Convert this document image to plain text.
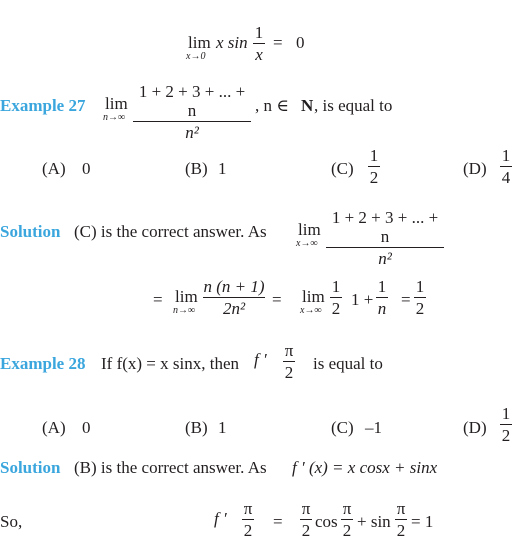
lim
x→0
x sin
1
x
= 0
Example 27 lim
n→∞
1 + 2 + 3 + ... + n
n²
, n ∈ N , is equal to
(A) 0	(B) 1	(C)
1
2	(D)
1
4
Solution (C) is the correct answer. As lim
x→∞
1 + 2 + 3 + ... + n
n²
= lim
n→∞
n (n + 1)
2n²	= lim
x→∞
1
2 1 +
1
n =
1
2
Example 28 If f(x) = x sinx, then f ′ π
2 is equal to
(A) 0	(B) 1	(C) –1	(D)
1
2
Solution (B) is the correct answer. As f ′ (x) = x cosx + sinx
So,	f ′
π
2 =
π
2 cos
π
2 + sin
π
2 = 1
